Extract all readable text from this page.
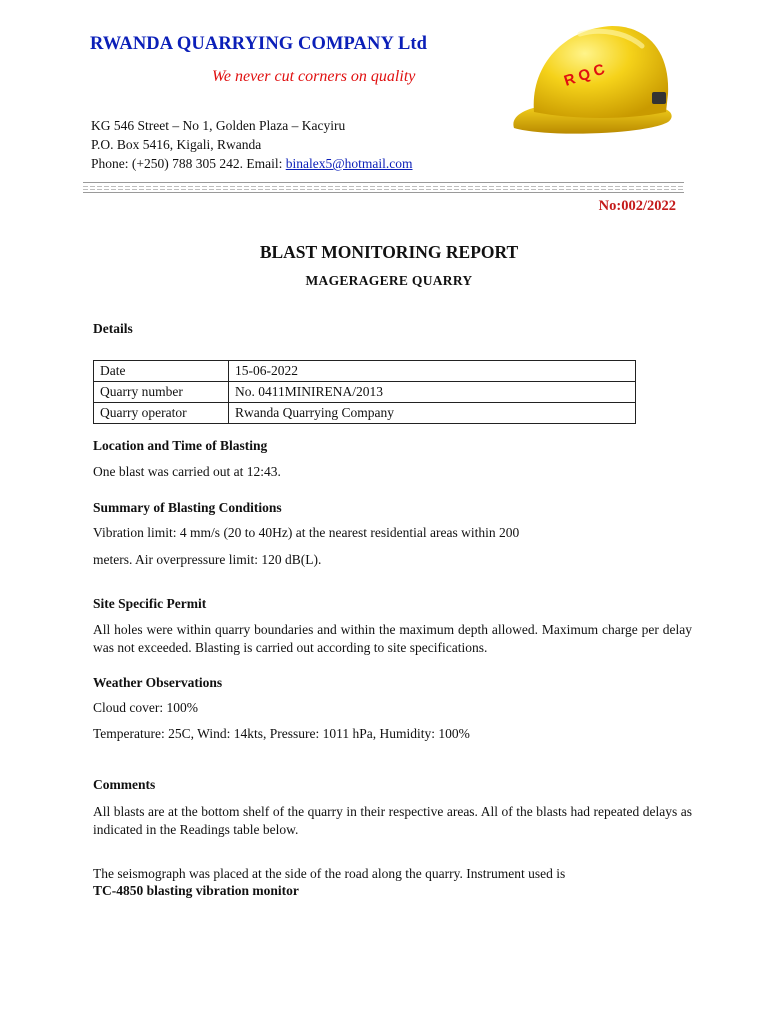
RWANDA QUARRYING COMPANY Ltd
We never cut corners on quality
KG 546 Street – No 1, Golden Plaza – Kacyiru
P.O. Box 5416, Kigali, Rwanda
Phone: (+250) 788 305 242. Email: binalex5@hotmail.com
R Q C
No:002/2022
BLAST MONITORING REPORT
MAGERAGERE QUARRY
Details
Date	15-06-2022
Quarry number	No. 0411MINIRENA/2013
Quarry operator	Rwanda Quarrying Company
Location and Time of Blasting
One blast was carried out at 12:43.
Summary of Blasting Conditions
Vibration limit: 4 mm/s (20 to 40Hz) at the nearest residential areas within 200
meters. Air overpressure limit: 120 dB(L).
Site Specific Permit
All holes were within quarry boundaries and within the maximum depth allowed. Maximum charge per delay was not exceeded. Blasting is carried out according to site specifications.
Weather Observations
Cloud cover: 100%
Temperature: 25C, Wind: 14kts, Pressure: 1011 hPa, Humidity: 100%
Comments
All blasts are at the bottom shelf of the quarry in their respective areas. All of the blasts had repeated delays as indicated in the Readings table below.
The seismograph was placed at the side of the road along the quarry. Instrument used is
TC-4850 blasting vibration monitor
